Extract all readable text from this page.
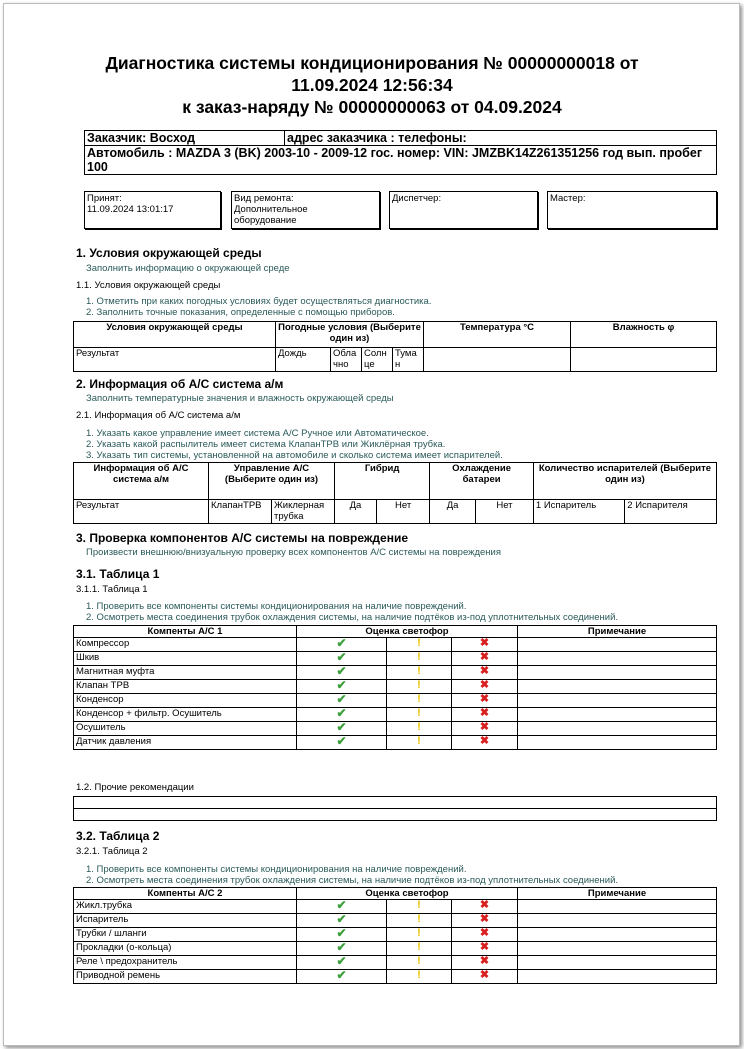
Диагностика системы кондиционирования № 00000000018 от
11.09.2024 12:56:34
к заказ-наряду № 00000000063 от 04.09.2024
Заказчик: Восход	адрес заказчика : телефоны:
Автомобиль : MAZDA 3 (BK) 2003-10 - 2009-12 гос. номер: VIN: JMZBK14Z261351256 год вып. пробег 100
Принят:
11.09.2024 13:01:17
Вид ремонта:
Дополнительное оборудование
Диспетчер:	Мастер:
1. Условия окружающей среды
Заполнить информацию о окружающей среде
1.1. Условия окружающей среды
1. Отметить при каких погодных условиях будет осуществляться диагностика.
2. Заполнить точные показания, определенные с помощью приборов.
Условия окружающей среды	Погодные условия (Выберите один из)				Температура °C	Влажность φ
Результат	Дождь	Обла чно	Солн це	Тума н		
2. Информация об A/C система а/м
Заполнить температурные значения и влажность окружающей среды
2.1. Информация об A/C система а/м
1. Указать какое управление имеет система A/C Ручное или Автоматическое.
2. Указать какой распылитель имеет система КлапанТРВ или Жиклёрная трубка.
3. Указать тип системы, установленной на автомобиле и сколько система имеет испарителей.
Информация об A/C система а/м	Управление A/C (Выберите один из)		Гибрид		Охлаждение батареи		Количество испарителей (Выберите один из)	
Результат	КлапанТРВ	Жиклерная трубка	Да	Нет	Да	Нет	1 Испаритель	2 Испарителя
3. Проверка компонентов A/C системы на повреждение
Произвести внешнюю/внизуальную проверку всех компонентов A/C системы на повреждения
3.1. Таблица 1
3.1.1. Таблица 1
1. Проверить все компоненты системы кондиционирования на наличие повреждений.
2. Осмотреть места соединения трубок охлаждения системы, на наличие подтёков из-под уплотнительных соединений.
Компенты A/C 1	Оценка светофор			Примечание
Компрессор	✔	!	✖	
Шкив	✔	!	✖	
Магнитная муфта	✔	!	✖	
Клапан ТРВ	✔	!	✖	
Конденсор	✔	!	✖	
Конденсор + фильтр. Осушитель	✔	!	✖	
Осушитель	✔	!	✖	
Датчик давления	✔	!	✖	
1.2. Прочие рекомендации

3.2. Таблица 2
3.2.1. Таблица 2
1. Проверить все компоненты системы кондиционирования на наличие повреждений.
2. Осмотреть места соединения трубок охлаждения системы, на наличие подтёков из-под уплотнительных соединений.
Компенты A/C 2	Оценка светофор			Примечание
Жикл.трубка	✔	!	✖	
Испаритель	✔	!	✖	
Трубки / шланги	✔	!	✖	
Прокладки (о-кольца)	✔	!	✖	
Реле \ предохранитель	✔	!	✖	
Приводной ремень	✔	!	✖	
